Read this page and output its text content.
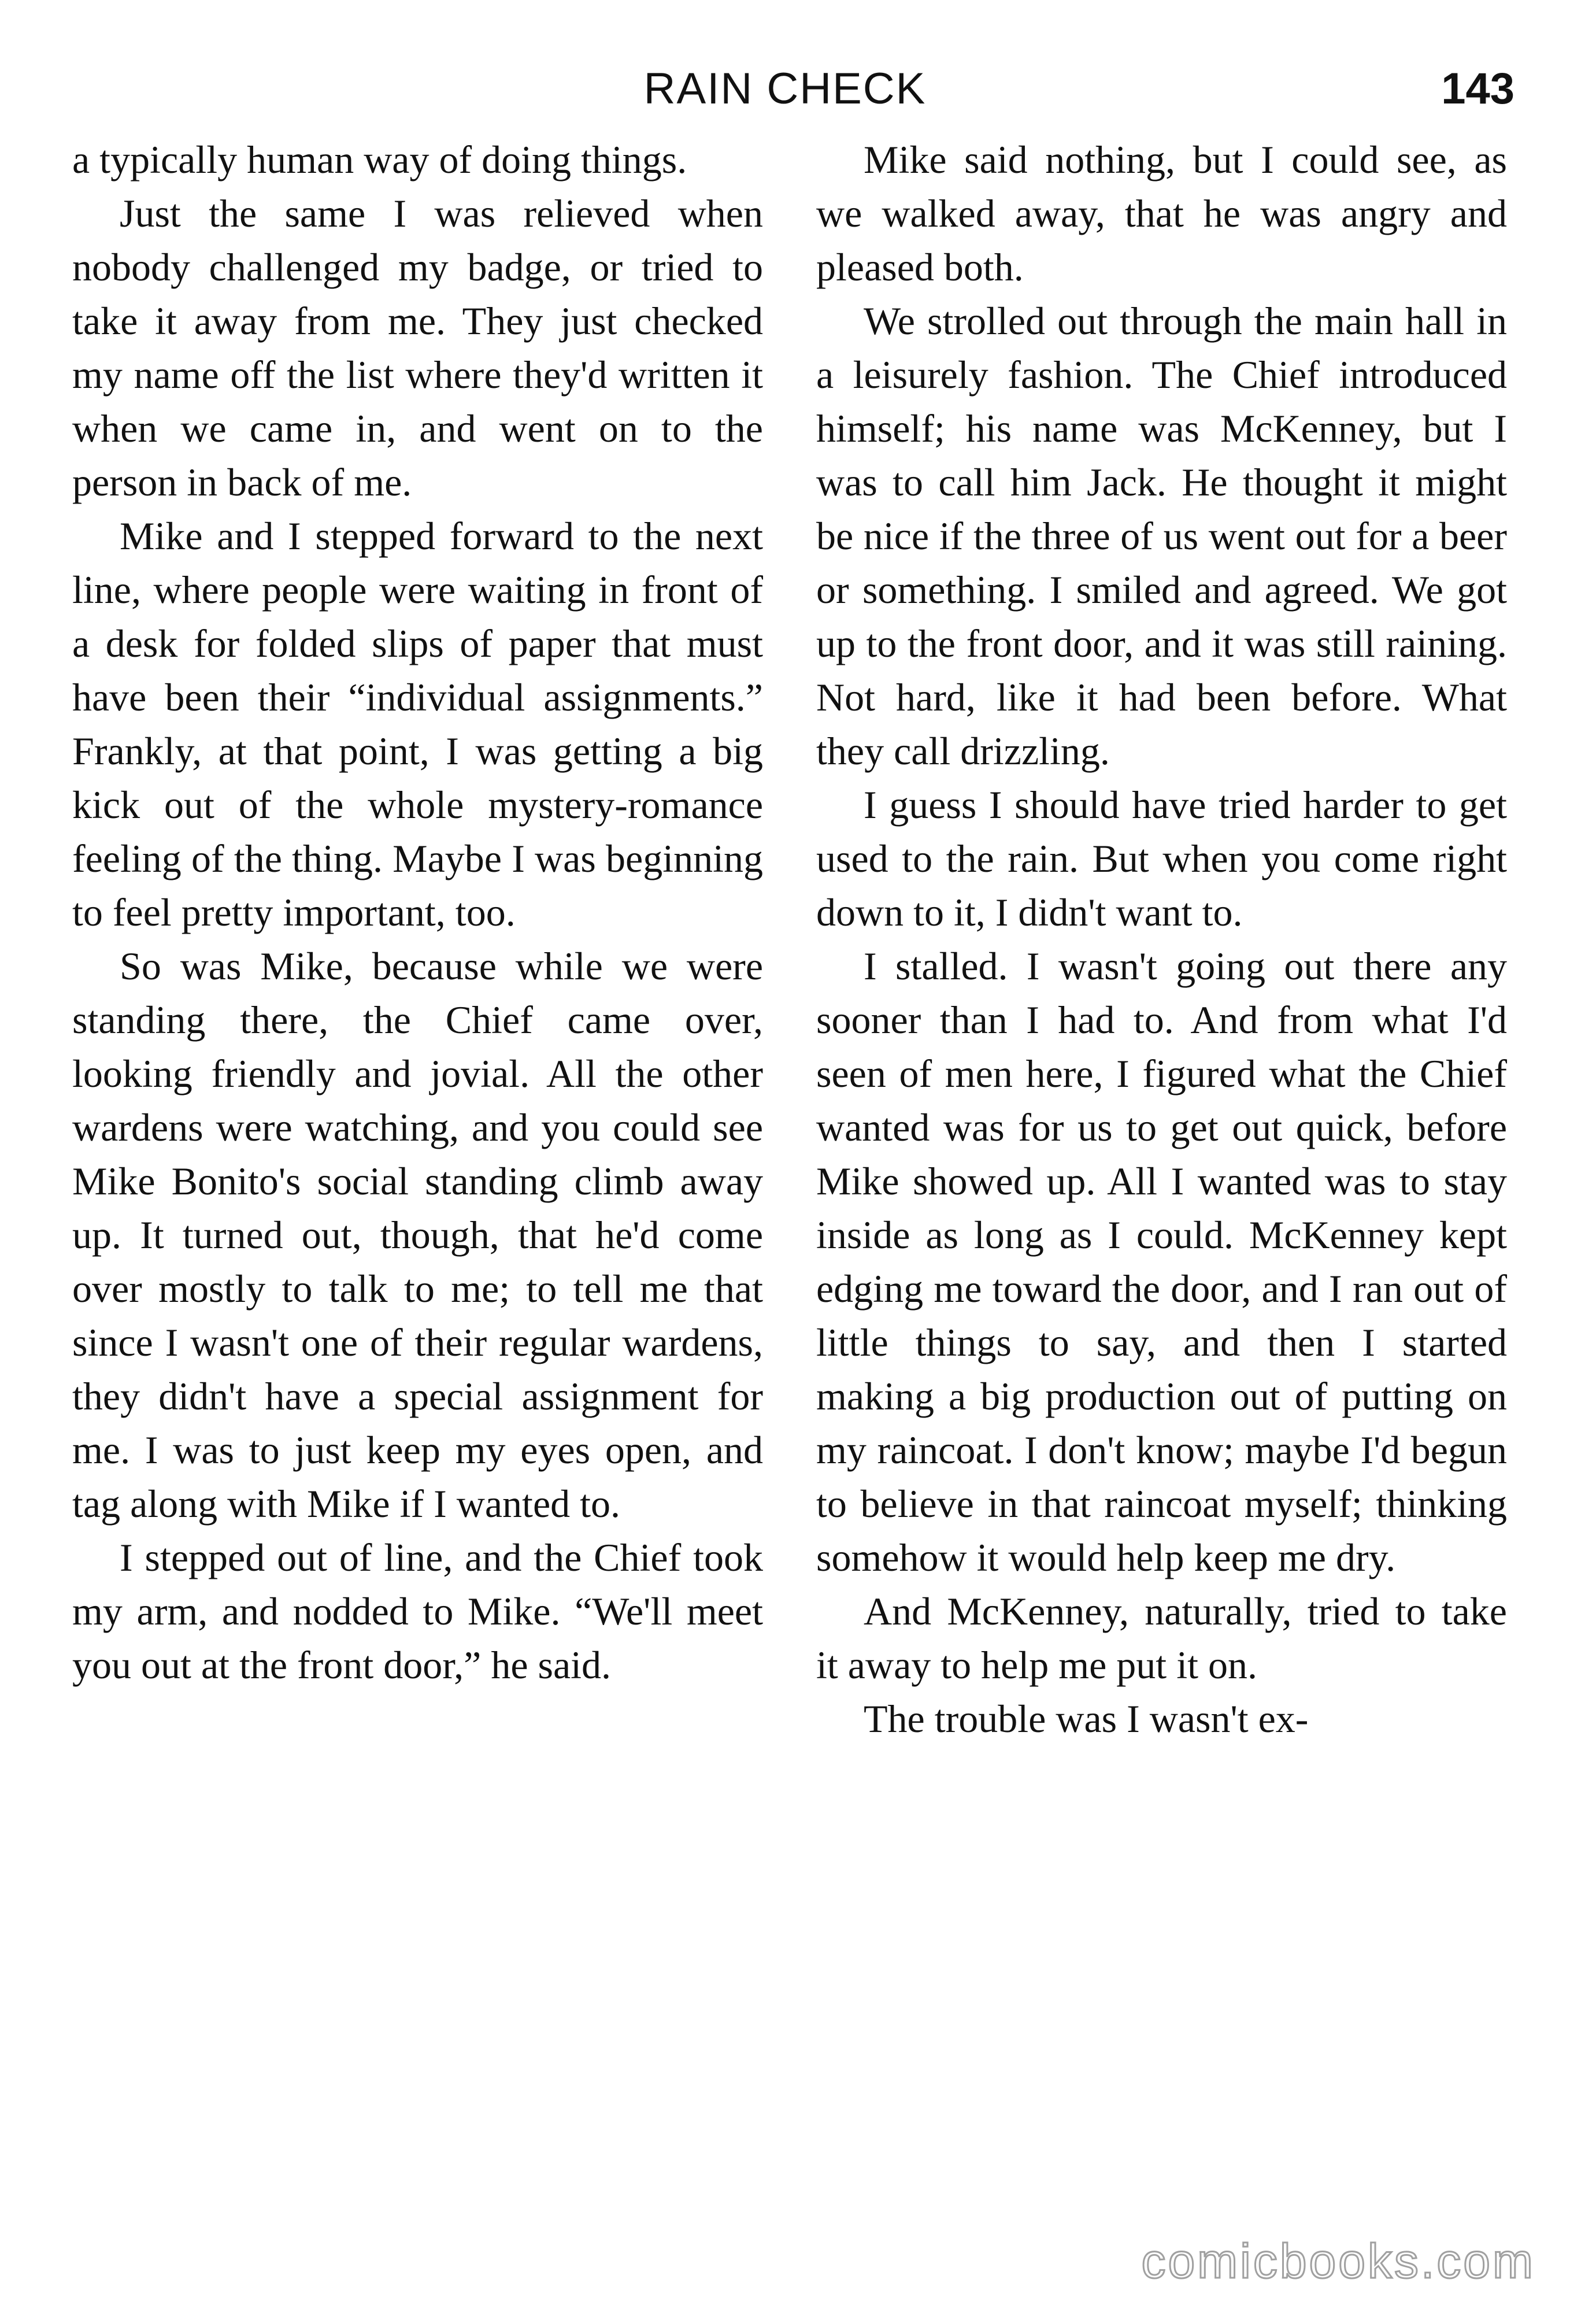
RAIN CHECK	143

a typically human way of doing things.

Just the same I was relieved when nobody challenged my badge, or tried to take it away from me. They just checked my name off the list where they'd written it when we came in, and went on to the person in back of me.

Mike and I stepped forward to the next line, where people were waiting in front of a desk for folded slips of paper that must have been their “individual assignments.” Frankly, at that point, I was getting a big kick out of the whole mystery-romance feeling of the thing. Maybe I was beginning to feel pretty important, too.

So was Mike, because while we were standing there, the Chief came over, looking friendly and jovial. All the other wardens were watching, and you could see Mike Bonito's social standing climb away up. It turned out, though, that he'd come over mostly to talk to me; to tell me that since I wasn't one of their regular wardens, they didn't have a special assignment for me. I was to just keep my eyes open, and tag along with Mike if I wanted to.

I stepped out of line, and the Chief took my arm, and nodded to Mike. “We'll meet you out at the front door,” he said.

Mike said nothing, but I could see, as we walked away, that he was angry and pleased both.

We strolled out through the main hall in a leisurely fashion. The Chief introduced himself; his name was McKenney, but I was to call him Jack. He thought it might be nice if the three of us went out for a beer or something. I smiled and agreed. We got up to the front door, and it was still raining. Not hard, like it had been before. What they call drizzling.

I guess I should have tried harder to get used to the rain. But when you come right down to it, I didn't want to.

I stalled. I wasn't going out there any sooner than I had to. And from what I'd seen of men here, I figured what the Chief wanted was for us to get out quick, before Mike showed up. All I wanted was to stay inside as long as I could. McKenney kept edging me toward the door, and I ran out of little things to say, and then I started making a big production out of putting on my raincoat. I don't know; maybe I'd begun to believe in that raincoat myself; thinking somehow it would help keep me dry.

And McKenney, naturally, tried to take it away to help me put it on.

The trouble was I wasn't ex-

comicbooks.com
